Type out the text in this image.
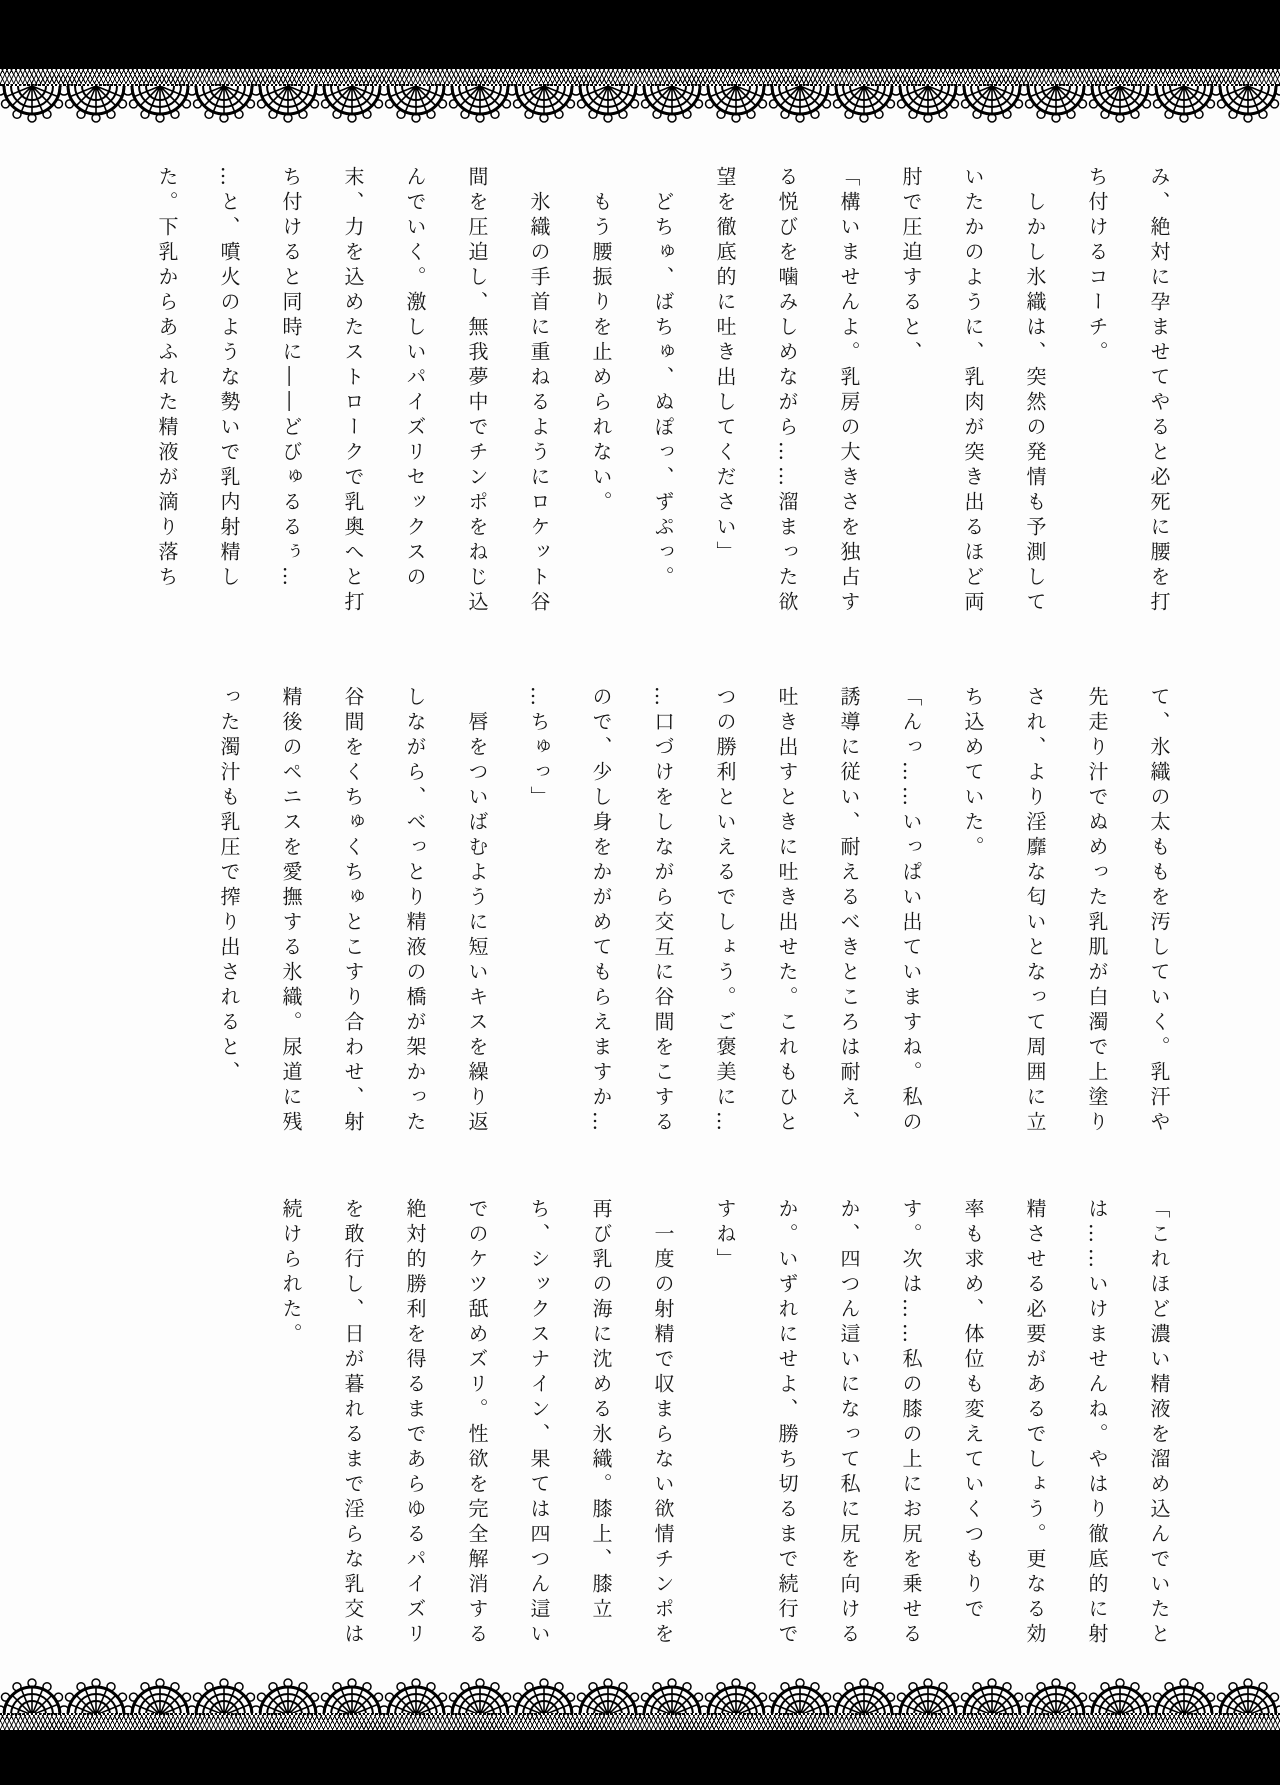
み、絶対に孕ませてやると必死に腰を打
ち付けるコーチ。
　しかし氷織は、突然の発情も予測して
いたかのように、乳肉が突き出るほど両
肘で圧迫すると、
「構いませんよ。乳房の大きさを独占す
る悦びを噛みしめながら……溜まった欲
望を徹底的に吐き出してください」
　どちゅ、ばちゅ、ぬぽっ、ずぷっ。
　もう腰振りを止められない。
　氷織の手首に重ねるようにロケット谷
間を圧迫し、無我夢中でチンポをねじ込
んでいく。激しいパイズリセックスの
末、力を込めたストロークで乳奥へと打
ち付けると同時に――どびゅるるぅ…
…と、噴火のような勢いで乳内射精し
た。下乳からあふれた精液が滴り落ち
て、氷織の太ももを汚していく。乳汗や
先走り汁でぬめった乳肌が白濁で上塗り
され、より淫靡な匂いとなって周囲に立
ち込めていた。
「んっ……いっぱい出ていますね。私の
誘導に従い、耐えるべきところは耐え、
吐き出すときに吐き出せた。これもひと
つの勝利といえるでしょう。ご褒美に…
…口づけをしながら交互に谷間をこする
ので、少し身をかがめてもらえますか…
…ちゅっ」
　唇をついばむように短いキスを繰り返
しながら、べっとり精液の橋が架かった
谷間をくちゅくちゅとこすり合わせ、射
精後のペニスを愛撫する氷織。尿道に残
った濁汁も乳圧で搾り出されると、
「これほど濃い精液を溜め込んでいたと
は……いけませんね。やはり徹底的に射
精させる必要があるでしょう。更なる効
率も求め、体位も変えていくつもりで
す。次は……私の膝の上にお尻を乗せる
か、四つん這いになって私に尻を向ける
か。いずれにせよ、勝ち切るまで続行で
すね」
　一度の射精で収まらない欲情チンポを
再び乳の海に沈める氷織。膝上、膝立
ち、シックスナイン、果ては四つん這い
でのケツ舐めズリ。性欲を完全解消する
絶対的勝利を得るまであらゆるパイズリ
を敢行し、日が暮れるまで淫らな乳交は
続けられた。
